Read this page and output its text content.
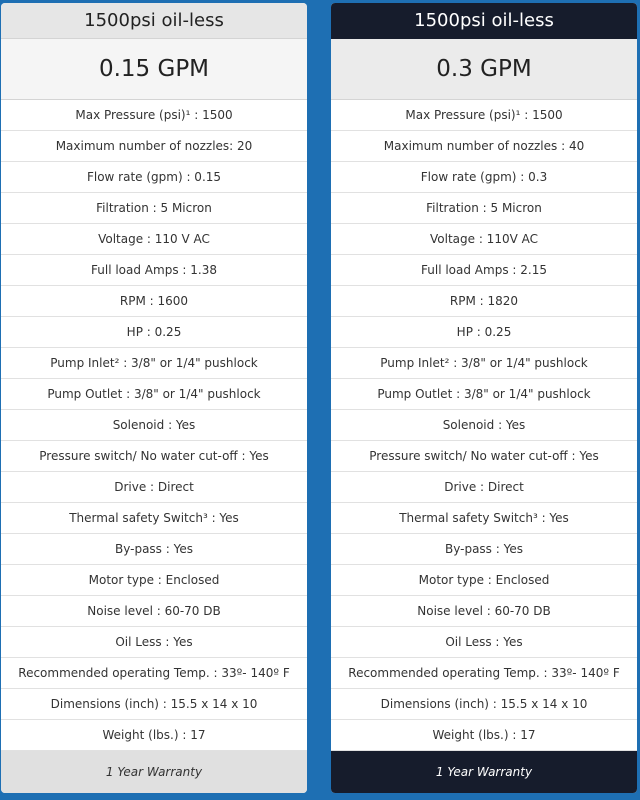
1500psi oil-less
0.15 GPM
Max Pressure (psi)¹ : 1500
Maximum number of nozzles: 20
Flow rate (gpm) : 0.15
Filtration : 5 Micron
Voltage : 110 V AC
Full load Amps : 1.38
RPM : 1600
HP : 0.25
Pump Inlet² : 3/8" or 1/4" pushlock
Pump Outlet : 3/8" or 1/4" pushlock
Solenoid : Yes
Pressure switch/ No water cut-off : Yes
Drive : Direct
Thermal safety Switch³ : Yes
By-pass : Yes
Motor type : Enclosed
Noise level : 60-70 DB
Oil Less : Yes
Recommended operating Temp. : 33º- 140º F
Dimensions (inch) : 15.5 x 14 x 10
Weight (lbs.) : 17
1 Year Warranty
1500psi oil-less
0.3 GPM
Max Pressure (psi)¹ : 1500
Maximum number of nozzles : 40
Flow rate (gpm) : 0.3
Filtration : 5 Micron
Voltage : 110V AC
Full load Amps : 2.15
RPM : 1820
HP : 0.25
Pump Inlet² : 3/8" or 1/4" pushlock
Pump Outlet : 3/8" or 1/4" pushlock
Solenoid : Yes
Pressure switch/ No water cut-off : Yes
Drive : Direct
Thermal safety Switch³ : Yes
By-pass : Yes
Motor type : Enclosed
Noise level : 60-70 DB
Oil Less : Yes
Recommended operating Temp. : 33º- 140º F
Dimensions (inch) : 15.5 x 14 x 10
Weight (lbs.) : 17
1 Year Warranty
